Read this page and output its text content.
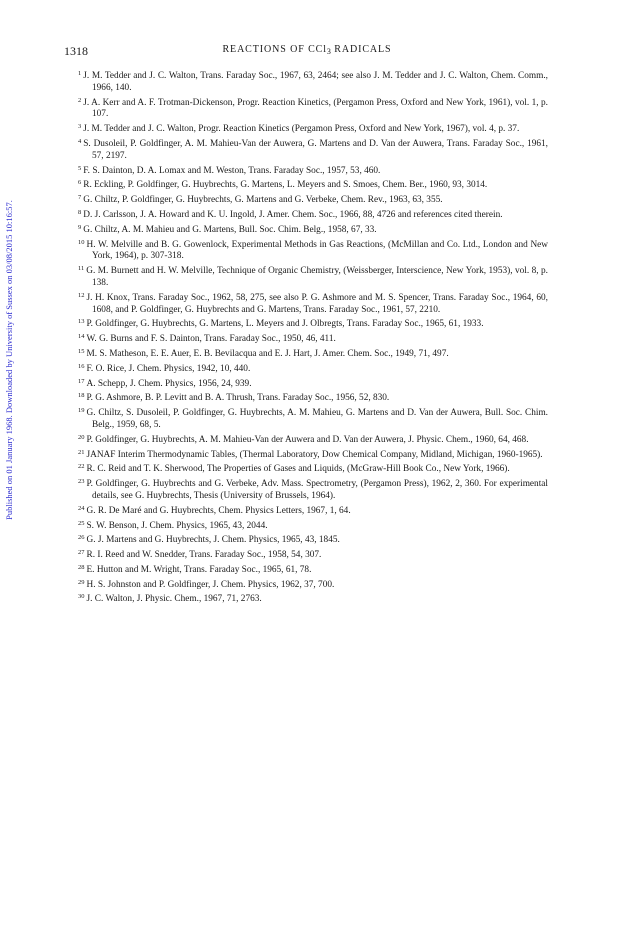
Published on 01 January 1968. Downloaded by University of Sussex on 03/08/2015 10:16:57.
1318	REACTIONS OF CCl$_3$ RADICALS
$^1$ J. M. Tedder and J. C. Walton, Trans. Faraday Soc., 1967, 63, 2464; see also J. M. Tedder and J. C. Walton, Chem. Comm., 1966, 140.
$^2$ J. A. Kerr and A. F. Trotman-Dickenson, Progr. Reaction Kinetics, (Pergamon Press, Oxford and New York, 1961), vol. 1, p. 107.
$^3$ J. M. Tedder and J. C. Walton, Progr. Reaction Kinetics (Pergamon Press, Oxford and New York, 1967), vol. 4, p. 37.
$^4$ S. Dusoleil, P. Goldfinger, A. M. Mahieu-Van der Auwera, G. Martens and D. Van der Auwera, Trans. Faraday Soc., 1961, 57, 2197.
$^5$ F. S. Dainton, D. A. Lomax and M. Weston, Trans. Faraday Soc., 1957, 53, 460.
$^6$ R. Eckling, P. Goldfinger, G. Huybrechts, G. Martens, L. Meyers and S. Smoes, Chem. Ber., 1960, 93, 3014.
$^7$ G. Chiltz, P. Goldfinger, G. Huybrechts, G. Martens and G. Verbeke, Chem. Rev., 1963, 63, 355.
$^8$ D. J. Carlsson, J. A. Howard and K. U. Ingold, J. Amer. Chem. Soc., 1966, 88, 4726 and references cited therein.
$^9$ G. Chiltz, A. M. Mahieu and G. Martens, Bull. Soc. Chim. Belg., 1958, 67, 33.
$^{10}$ H. W. Melville and B. G. Gowenlock, Experimental Methods in Gas Reactions, (McMillan and Co. Ltd., London and New York, 1964), p. 307-318.
$^{11}$ G. M. Burnett and H. W. Melville, Technique of Organic Chemistry, (Weissberger, Interscience, New York, 1953), vol. 8, p. 138.
$^{12}$ J. H. Knox, Trans. Faraday Soc., 1962, 58, 275, see also P. G. Ashmore and M. S. Spencer, Trans. Faraday Soc., 1964, 60, 1608, and P. Goldfinger, G. Huybrechts and G. Martens, Trans. Faraday Soc., 1961, 57, 2210.
$^{13}$ P. Goldfinger, G. Huybrechts, G. Martens, L. Meyers and J. Olbregts, Trans. Faraday Soc., 1965, 61, 1933.
$^{14}$ W. G. Burns and F. S. Dainton, Trans. Faraday Soc., 1950, 46, 411.
$^{15}$ M. S. Matheson, E. E. Auer, E. B. Bevilacqua and E. J. Hart, J. Amer. Chem. Soc., 1949, 71, 497.
$^{16}$ F. O. Rice, J. Chem. Physics, 1942, 10, 440.
$^{17}$ A. Schepp, J. Chem. Physics, 1956, 24, 939.
$^{18}$ P. G. Ashmore, B. P. Levitt and B. A. Thrush, Trans. Faraday Soc., 1956, 52, 830.
$^{19}$ G. Chiltz, S. Dusoleil, P. Goldfinger, G. Huybrechts, A. M. Mahieu, G. Martens and D. Van der Auwera, Bull. Soc. Chim. Belg., 1959, 68, 5.
$^{20}$ P. Goldfinger, G. Huybrechts, A. M. Mahieu-Van der Auwera and D. Van der Auwera, J. Physic. Chem., 1960, 64, 468.
$^{21}$ JANAF Interim Thermodynamic Tables, (Thermal Laboratory, Dow Chemical Company, Midland, Michigan, 1960-1965).
$^{22}$ R. C. Reid and T. K. Sherwood, The Properties of Gases and Liquids, (McGraw-Hill Book Co., New York, 1966).
$^{23}$ P. Goldfinger, G. Huybrechts and G. Verbeke, Adv. Mass. Spectrometry, (Pergamon Press), 1962, 2, 360. For experimental details, see G. Huybrechts, Thesis (University of Brussels, 1964).
$^{24}$ G. R. De Maré and G. Huybrechts, Chem. Physics Letters, 1967, 1, 64.
$^{25}$ S. W. Benson, J. Chem. Physics, 1965, 43, 2044.
$^{26}$ G. J. Martens and G. Huybrechts, J. Chem. Physics, 1965, 43, 1845.
$^{27}$ R. I. Reed and W. Snedder, Trans. Faraday Soc., 1958, 54, 307.
$^{28}$ E. Hutton and M. Wright, Trans. Faraday Soc., 1965, 61, 78.
$^{29}$ H. S. Johnston and P. Goldfinger, J. Chem. Physics, 1962, 37, 700.
$^{30}$ J. C. Walton, J. Physic. Chem., 1967, 71, 2763.
